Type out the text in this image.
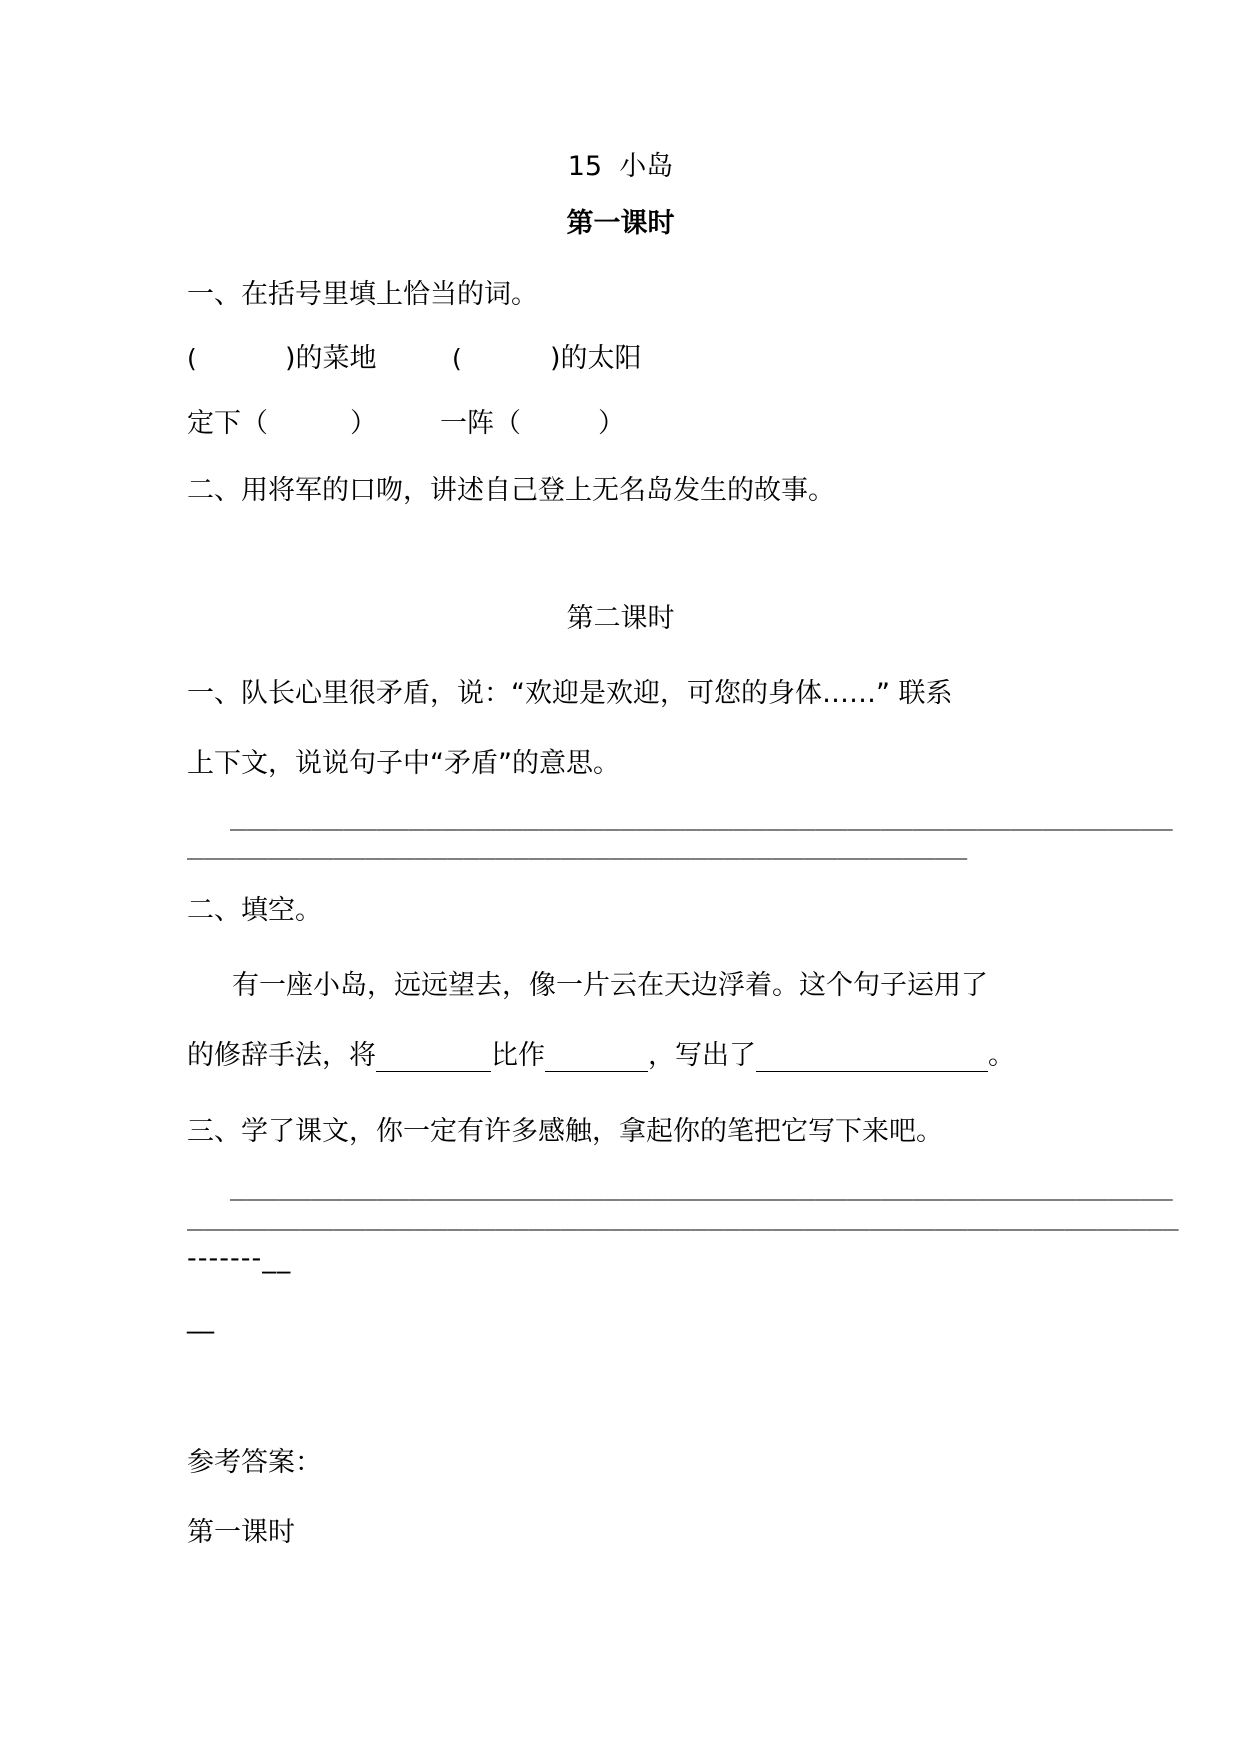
15  小岛
第一课时
一、在括号里填上恰当的词。
(	)的菜地	(	)的太阳
定下（	） 一阵（	）
二、用将军的口吻，讲述自己登上无名岛发生的故事。
第二课时
一、队长心里很矛盾，说：“欢迎是欢迎，可您的身体……” 联系
上下文，说说句子中“矛盾”的意思。
__________________________________________________________
________________________________________________
二、填空。
有一座小岛，远远望去，像一片云在天边浮着。这个句子运用了
的修辞手法，将	比作	，写出了	。
三、学了课文，你一定有许多感触，拿起你的笔把它写下来吧。
__________________________________________________________
_____________________________________________________________
-------__
__
参考答案：
第一课时
